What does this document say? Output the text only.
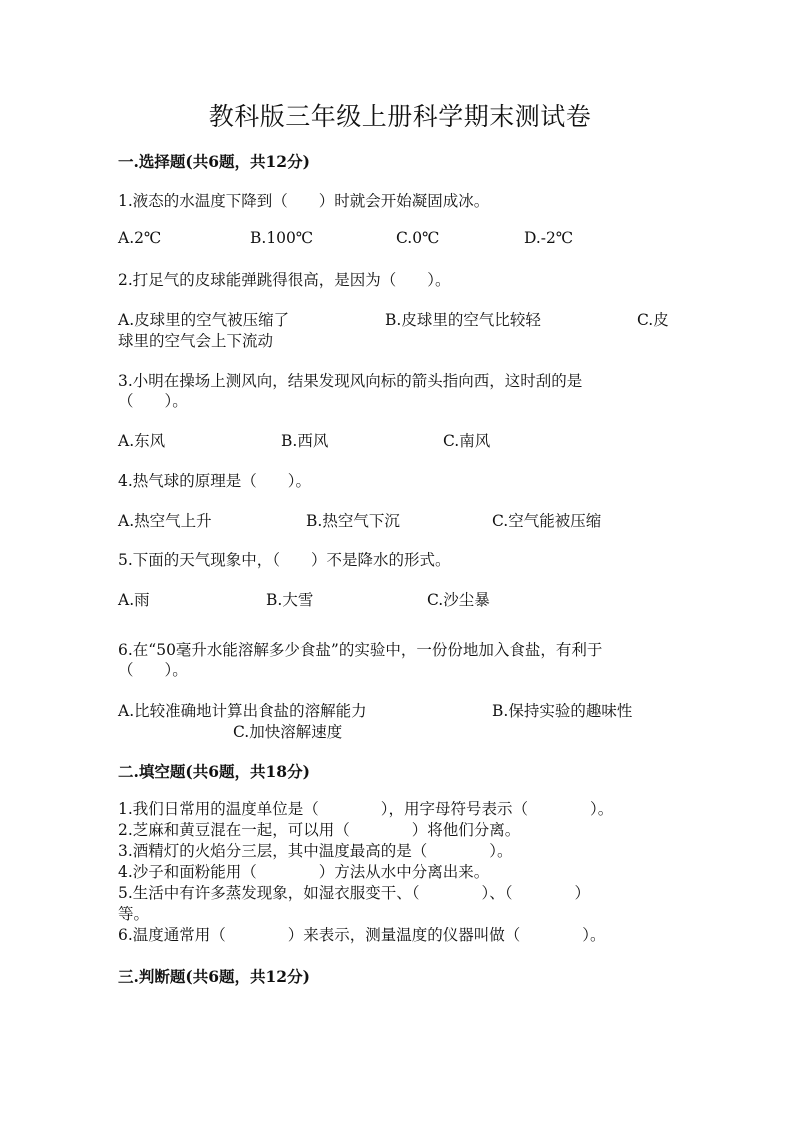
教科版三年级上册科学期末测试卷
一.选择题(共6题，共12分)
1.液态的水温度下降到（　　）时就会开始凝固成冰。
A.2℃	B.100℃	C.0℃	D.-2℃
2.打足气的皮球能弹跳得很高，是因为（　　）。
A.皮球里的空气被压缩了	B.皮球里的空气比较轻	C.皮
球里的空气会上下流动
3.小明在操场上测风向，结果发现风向标的箭头指向西，这时刮的是
（　　）。
A.东风	B.西风	C.南风
4.热气球的原理是（　　）。
A.热空气上升	B.热空气下沉	C.空气能被压缩
5.下面的天气现象中，（　　）不是降水的形式。
A.雨	B.大雪	C.沙尘暴
6.在“50毫升水能溶解多少食盐”的实验中，一份份地加入食盐，有利于
（　　）。
A.比较准确地计算出食盐的溶解能力	B.保持实验的趣味性
C.加快溶解速度
二.填空题(共6题，共18分)
1.我们日常用的温度单位是（　　　　），用字母符号表示（　　　　）。
2.芝麻和黄豆混在一起，可以用（　　　　）将他们分离。
3.酒精灯的火焰分三层，其中温度最高的是（　　　　）。
4.沙子和面粉能用（　　　　）方法从水中分离出来。
5.生活中有许多蒸发现象，如湿衣服变干、（　　　　）、（　　　　）
等。
6.温度通常用（　　　　）来表示，测量温度的仪器叫做（　　　　）。
三.判断题(共6题，共12分)
